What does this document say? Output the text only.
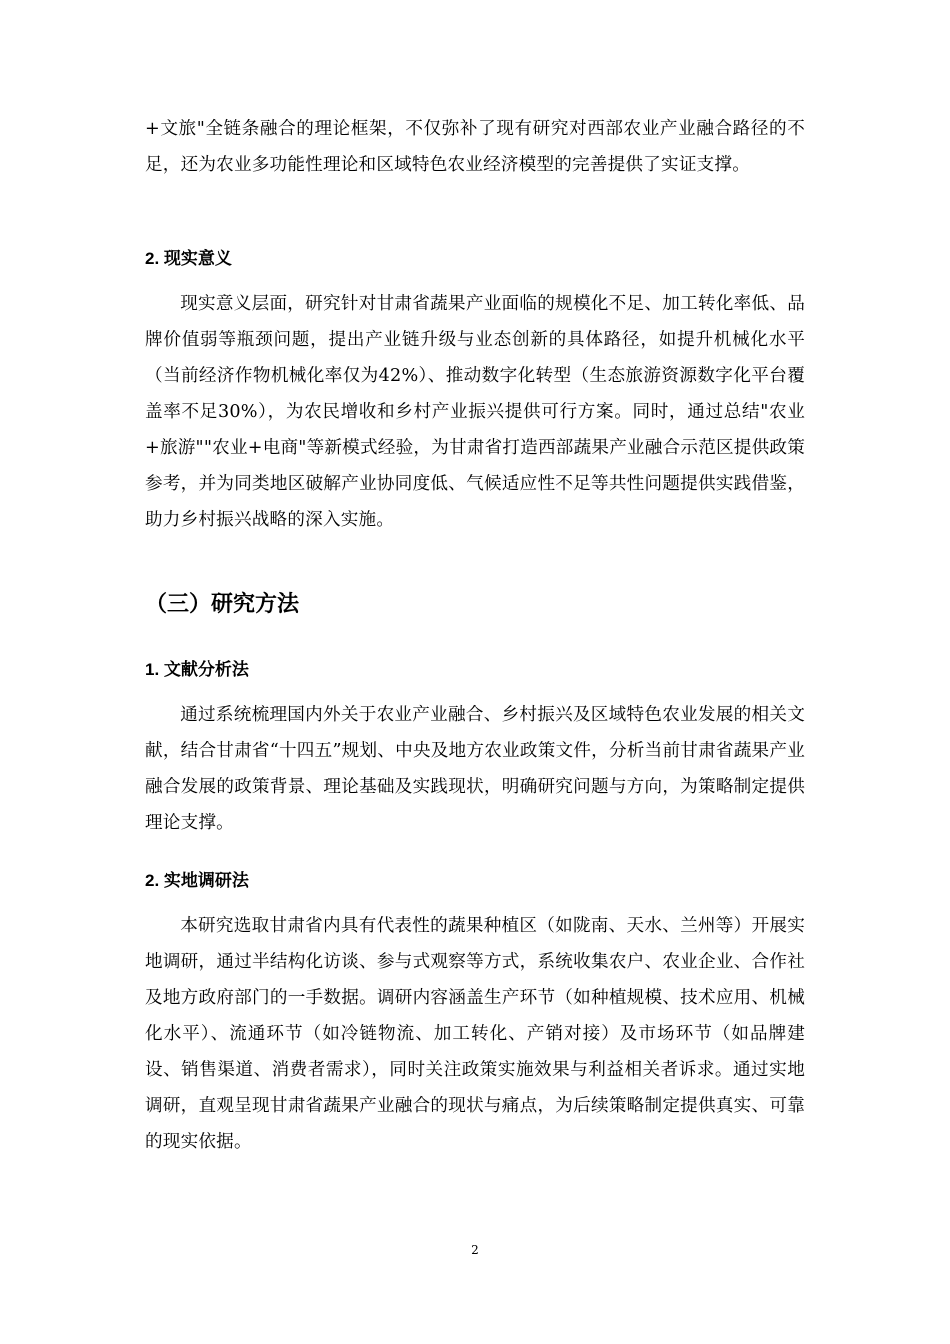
+文旅"全链条融合的理论框架，不仅弥补了现有研究对西部农业产业融合路径的不足，还为农业多功能性理论和区域特色农业经济模型的完善提供了实证支撑。

2. 现实意义

现实意义层面，研究针对甘肃省蔬果产业面临的规模化不足、加工转化率低、品牌价值弱等瓶颈问题，提出产业链升级与业态创新的具体路径，如提升机械化水平（当前经济作物机械化率仅为42%）、推动数字化转型（生态旅游资源数字化平台覆盖率不足30%），为农民增收和乡村产业振兴提供可行方案。同时，通过总结"农业+旅游""农业+电商"等新模式经验，为甘肃省打造西部蔬果产业融合示范区提供政策参考，并为同类地区破解产业协同度低、气候适应性不足等共性问题提供实践借鉴，助力乡村振兴战略的深入实施。

（三）研究方法
1. 文献分析法

通过系统梳理国内外关于农业产业融合、乡村振兴及区域特色农业发展的相关文献，结合甘肃省“十四五”规划、中央及地方农业政策文件，分析当前甘肃省蔬果产业融合发展的政策背景、理论基础及实践现状，明确研究问题与方向，为策略制定提供理论支撑。

2. 实地调研法

本研究选取甘肃省内具有代表性的蔬果种植区（如陇南、天水、兰州等）开展实地调研，通过半结构化访谈、参与式观察等方式，系统收集农户、农业企业、合作社及地方政府部门的一手数据。调研内容涵盖生产环节（如种植规模、技术应用、机械化水平）、流通环节（如冷链物流、加工转化、产销对接）及市场环节（如品牌建设、销售渠道、消费者需求），同时关注政策实施效果与利益相关者诉求。通过实地调研，直观呈现甘肃省蔬果产业融合的现状与痛点，为后续策略制定提供真实、可靠的现实依据。

2
